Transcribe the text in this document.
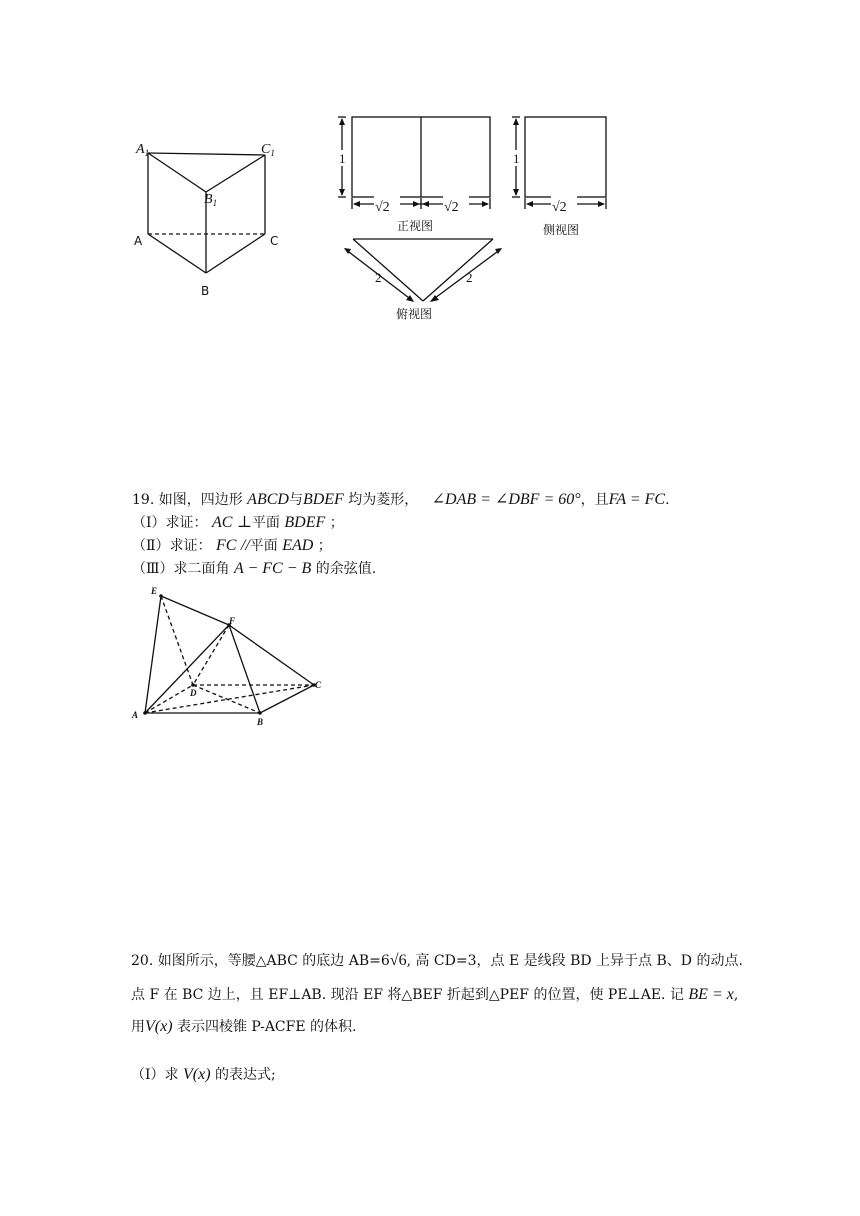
$A_1$	$C_1$
$B_1$
A	C
B
1
√2	√2
正视图
1
√2
侧视图
2	2
俯视图
19. 如图，四边形 ABCD与BDEF 均为菱形， ∠DAB = ∠DBF = 60°，且FA = FC.
（Ⅰ）求证： AC ⊥平面 BDEF ；
（Ⅱ）求证： FC //平面 EAD ；
（Ⅲ）求二面角 A − FC − B 的余弦值.
E
F
D
C
A
B
20. 如图所示，等腰△ABC 的底边 AB=6√6, 高 CD=3，点 E 是线段 BD 上异于点 B、D 的动点.
点 F 在 BC 边上，且 EF⊥AB. 现沿 EF 将△BEF 折起到△PEF 的位置，使 PE⊥AE. 记 BE = x,
用V(x) 表示四棱锥 P-ACFE 的体积.
（Ⅰ）求 V(x) 的表达式;
